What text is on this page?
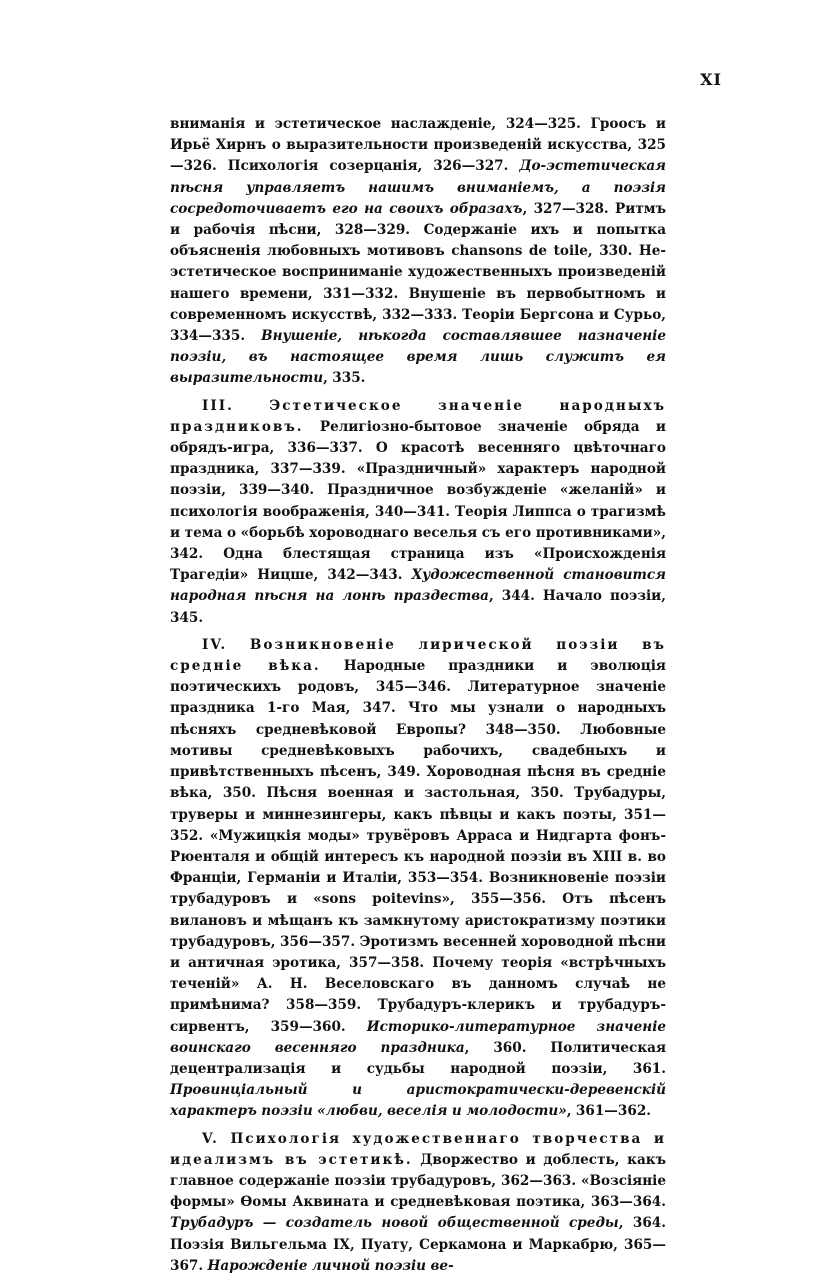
XI

вниманія и эстетическое наслажденіе, 324—325. Гроосъ и Ирьё Хирнъ о выразительности произведеній искусства, 325—326. Психологія созерцанія, 326—327. До-эстетическая пѣсня управляетъ нашимъ вниманіемъ, а поэзія сосредоточиваетъ его на своихъ образахъ, 327—328. Ритмъ и рабочія пѣсни, 328—329. Содержаніе ихъ и попытка объясненія любовныхъ мотивовъ chansons de toile, 330. Не-эстетическое восприниманіе художественныхъ произведеній нашего времени, 331—332. Внушеніе въ первобытномъ и современномъ искусствѣ, 332—333. Теоріи Бергсона и Сурьо, 334—335. Внушеніе, нѣкогда составлявшее назначеніе поэзіи, въ настоящее время лишь служитъ ея выразительности, 335.

III. Эстетическое значеніе народныхъ праздниковъ. Религіозно-бытовое значеніе обряда и обрядъ-игра, 336—337. О красотѣ весенняго цвѣточнаго праздника, 337—339. «Праздничный» характеръ народной поэзіи, 339—340. Праздничное возбужденіе «желаній» и психологія воображенія, 340—341. Теорія Липпса о трагизмѣ и тема о «борьбѣ хороводнаго веселья съ его противниками», 342. Одна блестящая страница изъ «Происхожденія Трагедіи» Ницше, 342—343. Художественной становится народная пѣсня на лонѣ праздества, 344. Начало поэзіи, 345.

IV. Возникновеніе лирической поэзіи въ средніе вѣка. Народные праздники и эволюція поэтическихъ родовъ, 345—346. Литературное значеніе праздника 1-го Мая, 347. Что мы узнали о народныхъ пѣсняхъ средневѣковой Европы? 348—350. Любовные мотивы средневѣковыхъ рабочихъ, свадебныхъ и привѣтственныхъ пѣсенъ, 349. Хороводная пѣсня въ средніе вѣка, 350. Пѣсня военная и застольная, 350. Трубадуры, труверы и миннезингеры, какъ пѣвцы и какъ поэты, 351—352. «Мужицкія моды» трувёровъ Арраса и Нидгарта фонъ-Рюенталя и общій интересъ къ народной поэзіи въ XIII в. во Франціи, Германіи и Италіи, 353—354. Возникновеніе поэзіи трубадуровъ и «sons poitevins», 355—356. Отъ пѣсенъ вилановъ и мѣщанъ къ замкнутому аристократизму поэтики трубадуровъ, 356—357. Эротизмъ весенней хороводной пѣсни и античная эротика, 357—358. Почему теорія «встрѣчныхъ теченій» А. Н. Веселовскаго въ данномъ случаѣ не примѣнима? 358—359. Трубадуръ-клерикъ и трубадуръ-сирвентъ, 359—360. Историко-литературное значеніе воинскаго весенняго праздника, 360. Политическая децентрализація и судьбы народной поэзіи, 361. Провинціальный и аристократически-деревенскій характеръ поэзіи «любви, веселія и молодости», 361—362.

V. Психологія художественнаго творчества и идеализмъ въ эстетикѣ. Дворжество и доблесть, какъ главное содержаніе поэзіи трубадуровъ, 362—363. «Возсіяніе формы» Ѳомы Аквината и средневѣковая поэтика, 363—364. Трубадуръ — создатель новой общественной среды, 364. Поэзія Вильгельма IX, Пуату, Серкамона и Маркабрю, 365—367. Нарожденіе личной поэзіи ве-
